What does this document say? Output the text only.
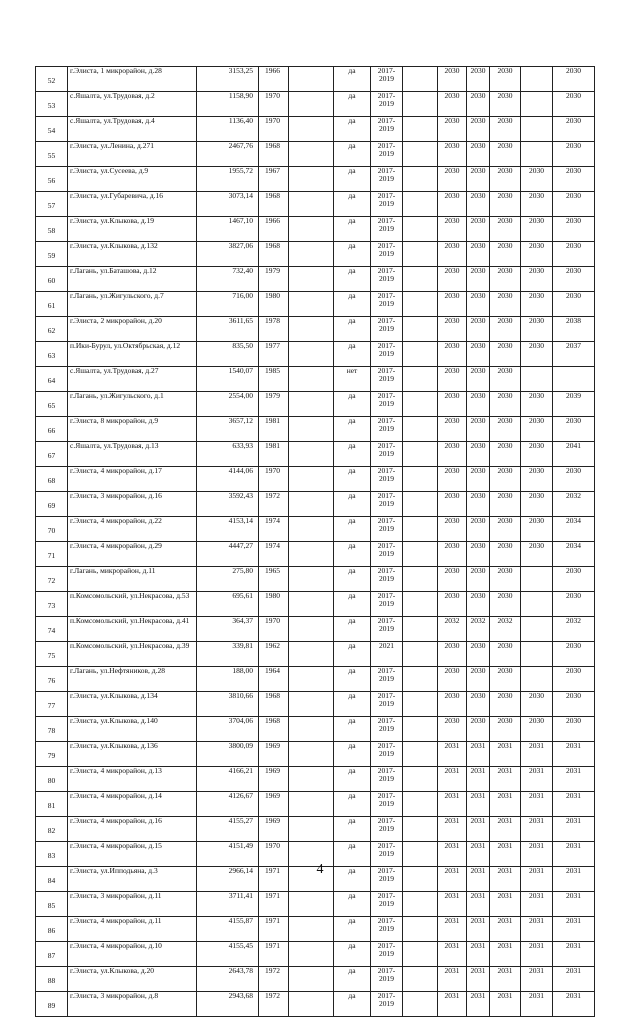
52	г.Элиста, 1 микрорайон, д.28	3153,25	1966		да	2017-2019		2030	2030	2030		2030
53	с.Яшалта, ул.Трудовая, д.2	1158,90	1970		да	2017-2019		2030	2030	2030		2030
54	с.Яшалта, ул.Трудовая, д.4	1136,40	1970		да	2017-2019		2030	2030	2030		2030
55	г.Элиста, ул.Ленина, д.271	2467,76	1968		да	2017-2019		2030	2030	2030		2030
56	г.Элиста, ул.Сусеева, д.9	1955,72	1967		да	2017-2019		2030	2030	2030	2030	2030
57	г.Элиста, ул.Губаревича, д.16	3073,14	1968		да	2017-2019		2030	2030	2030	2030	2030
58	г.Элиста, ул.Клыкова, д.19	1467,10	1966		да	2017-2019		2030	2030	2030	2030	2030
59	г.Элиста, ул.Клыкова, д.132	3827,06	1968		да	2017-2019		2030	2030	2030	2030	2030
60	г.Лагань, ул.Баташова, д.12	732,40	1979		да	2017-2019		2030	2030	2030	2030	2030
61	г.Лагань, ул.Жигульского, д.7	716,00	1980		да	2017-2019		2030	2030	2030	2030	2030
62	г.Элиста, 2 микрорайон, д.20	3611,65	1978		да	2017-2019		2030	2030	2030	2030	2038
63	п.Ики-Бурул, ул.Октябрьская, д.12	835,50	1977		да	2017-2019		2030	2030	2030	2030	2037
64	с.Яшалта, ул.Трудовая, д.27	1540,07	1985		нет	2017-2019		2030	2030	2030		
65	г.Лагань, ул.Жигульского, д.1	2554,00	1979		да	2017-2019		2030	2030	2030	2030	2039
66	г.Элиста, 8 микрорайон, д.9	3657,12	1981		да	2017-2019		2030	2030	2030	2030	2030
67	с.Яшалта, ул.Трудовая, д.13	633,93	1981		да	2017-2019		2030	2030	2030	2030	2041
68	г.Элиста, 4 микрорайон, д.17	4144,06	1970		да	2017-2019		2030	2030	2030	2030	2030
69	г.Элиста, 3 микрорайон, д.16	3592,43	1972		да	2017-2019		2030	2030	2030	2030	2032
70	г.Элиста, 4 микрорайон, д.22	4153,14	1974		да	2017-2019		2030	2030	2030	2030	2034
71	г.Элиста, 4 микрорайон, д.29	4447,27	1974		да	2017-2019		2030	2030	2030	2030	2034
72	г.Лагань, микрорайон, д.11	275,80	1965		да	2017-2019		2030	2030	2030		2030
73	п.Комсомольский, ул.Некрасова, д.53	695,61	1980		да	2017-2019		2030	2030	2030		2030
74	п.Комсомольский, ул.Некрасова, д.41	364,37	1970		да	2017-2019		2032	2032	2032		2032
75	п.Комсомольский, ул.Некрасова, д.39	339,81	1962		да	2021		2030	2030	2030		2030
76	г.Лагань, ул.Нефтяников, д.28	188,00	1964		да	2017-2019		2030	2030	2030		2030
77	г.Элиста, ул.Клыкова, д.134	3810,66	1968		да	2017-2019		2030	2030	2030	2030	2030
78	г.Элиста, ул.Клыкова, д.140	3704,06	1968		да	2017-2019		2030	2030	2030	2030	2030
79	г.Элиста, ул.Клыкова, д.136	3800,09	1969		да	2017-2019		2031	2031	2031	2031	2031
80	г.Элиста, 4 микрорайон, д.13	4166,21	1969		да	2017-2019		2031	2031	2031	2031	2031
81	г.Элиста, 4 микрорайон, д.14	4126,67	1969		да	2017-2019		2031	2031	2031	2031	2031
82	г.Элиста, 4 микрорайон, д.16	4155,27	1969		да	2017-2019		2031	2031	2031	2031	2031
83	г.Элиста, 4 микрорайон, д.15	4151,49	1970		да	2017-2019		2031	2031	2031	2031	2031
84	г.Элиста, ул.Ипподьяна, д.3	2966,14	1971		да	2017-2019		2031	2031	2031	2031	2031
85	г.Элиста, 3 микрорайон, д.11	3711,41	1971		да	2017-2019		2031	2031	2031	2031	2031
86	г.Элиста, 4 микрорайон, д.11	4155,87	1971		да	2017-2019		2031	2031	2031	2031	2031
87	г.Элиста, 4 микрорайон, д.10	4155,45	1971		да	2017-2019		2031	2031	2031	2031	2031
88	г.Элиста, ул.Клыкова, д.20	2643,78	1972		да	2017-2019		2031	2031	2031	2031	2031
89	г.Элиста, 3 микрорайон, д.8	2943,68	1972		да	2017-2019		2031	2031	2031	2031	2031
4
